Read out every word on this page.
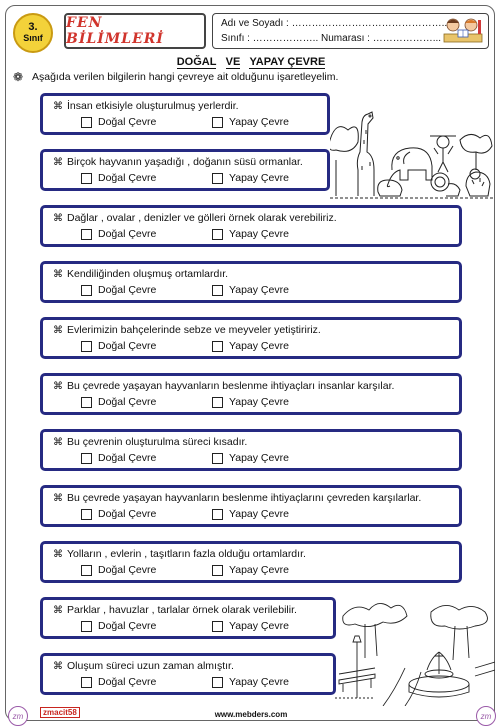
3.
Sınıf
FEN BİLİMLERİ
Adı ve Soyadı : ………………………………………..
Sınıfı : ……………….. Numarası : ………………...
DOĞAL VE YAPAY ÇEVRE
❁ Aşağıda verilen bilgilerin hangi çevreye ait olduğunu işaretleyelim.
⌘ İnsan etkisiyle oluşturulmuş yerlerdir.
Doğal Çevre	Yapay Çevre
⌘ Birçok hayvanın yaşadığı , doğanın süsü ormanlar.
Doğal Çevre	Yapay Çevre
⌘ Dağlar , ovalar , denizler ve gölleri örnek olarak verebiliriz.
Doğal Çevre	Yapay Çevre
⌘ Kendiliğinden oluşmuş ortamlardır.
Doğal Çevre	Yapay Çevre
⌘ Evlerimizin bahçelerinde sebze ve meyveler yetiştiririz.
Doğal Çevre	Yapay Çevre
⌘ Bu çevrede yaşayan hayvanların beslenme ihtiyaçları insanlar karşılar.
Doğal Çevre	Yapay Çevre
⌘ Bu çevrenin oluşturulma süreci kısadır.
Doğal Çevre	Yapay Çevre
⌘ Bu çevrede yaşayan hayvanların beslenme ihtiyaçlarını çevreden karşılarlar.
Doğal Çevre	Yapay Çevre
⌘ Yolların , evlerin , taşıtların fazla olduğu ortamlardır.
Doğal Çevre	Yapay Çevre
⌘ Parklar , havuzlar , tarlalar örnek olarak verilebilir.
Doğal Çevre	Yapay Çevre
⌘ Oluşum süreci uzun zaman almıştır.
Doğal Çevre	Yapay Çevre
zm	zmacit58	www.mebders.com	zm
